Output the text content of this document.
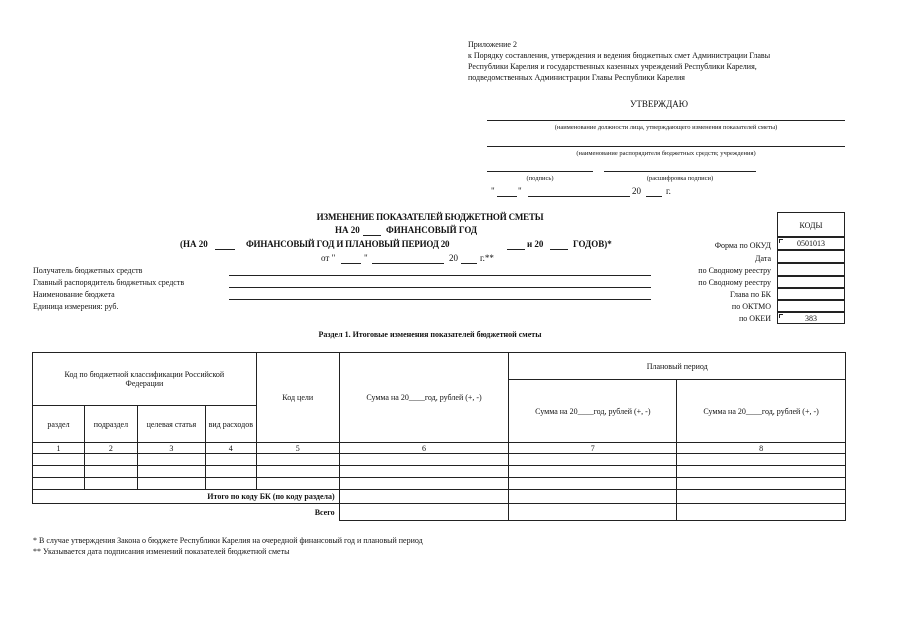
Приложение 2
к Порядку составления, утверждения и ведения бюджетных смет Администрации Главы
Республики Карелия и государственных казенных учреждений Республики Карелия,
подведомственных Администрации Главы Республики Карелия
УТВЕРЖДАЮ
(наименование должности лица, утверждающего изменения показателей сметы)
(наименование распорядителя бюджетных средств; учреждения)
(подпись)	(расшифровка подписи)
"	"	20	г.
ИЗМЕНЕНИЕ ПОКАЗАТЕЛЕЙ БЮДЖЕТНОЙ СМЕТЫ
НА 20	ФИНАНСОВЫЙ ГОД
(НА 20	ФИНАНСОВЫЙ ГОД И ПЛАНОВЫЙ ПЕРИОД 20	и 20	ГОДОВ)*
от "	"	20 г.**
Получатель бюджетных средств
Главный распорядитель бюджетных средств
Наименование бюджета
Единица измерения: руб.
КОДЫ
Форма по ОКУД	0501013
Дата
по Сводному реестру
по Сводному реестру
Глава по БК
по ОКТМО
по ОКЕИ	383
Раздел 1. Итоговые изменения показателей бюджетной сметы
Код по бюджетной классификации Российской Федерации				Код цели	Сумма на 20____год, рублей (+, -)	Плановый период	
						Сумма на 20____год, рублей (+, -)	Сумма на 20____год, рублей (+, -)
раздел	подраздел	целевая статья	вид расходов				
1	2	3	4	5	6	7	8

Итого по коду БК (по коду раздела)							
Всего							
* В случае утверждения Закона о бюджете Республики Карелия на очередной финансовый год и плановый период
** Указывается дата подписания изменений показателей бюджетной сметы
